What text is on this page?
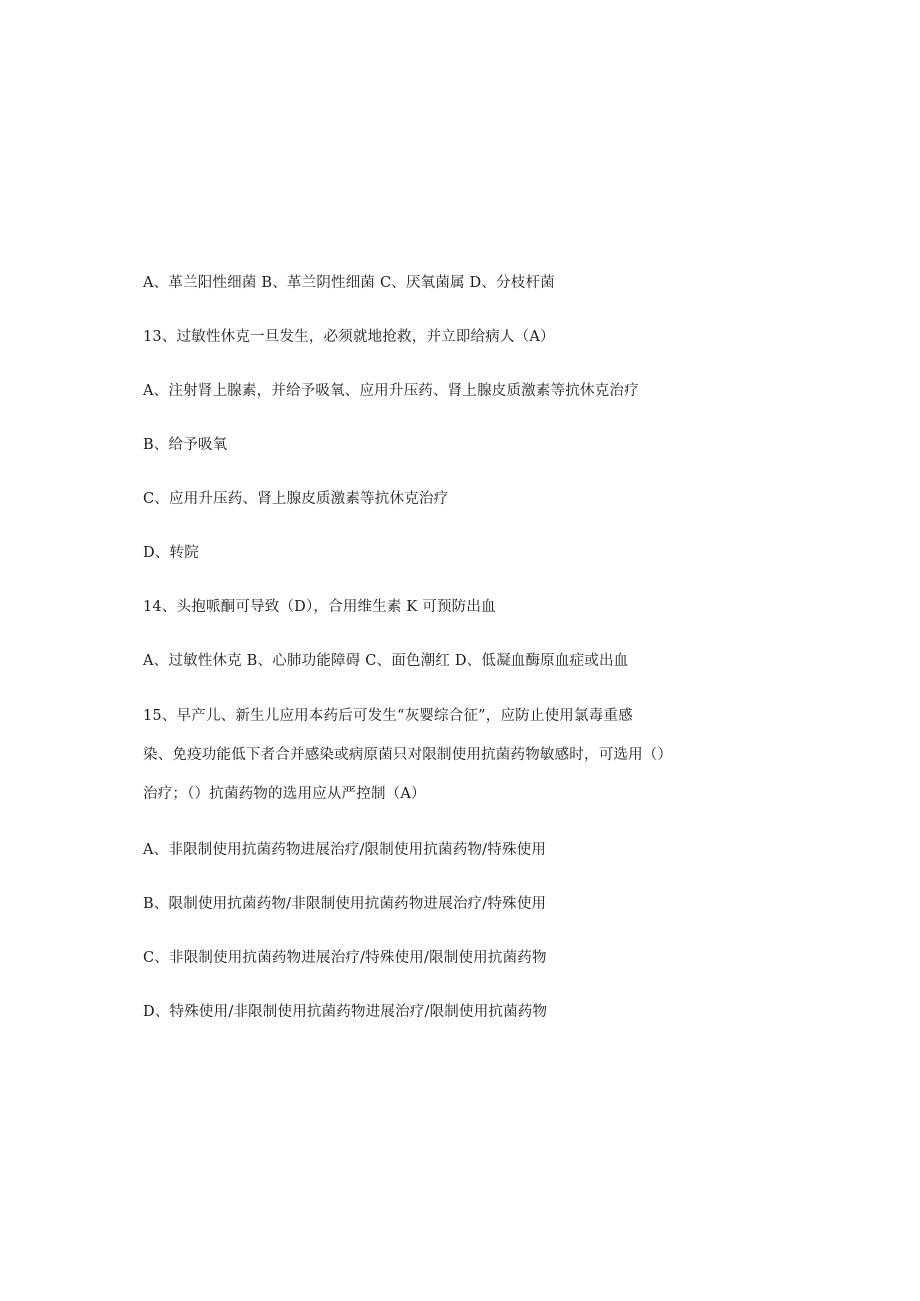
A、革兰阳性细菌 B、革兰阴性细菌 C、厌氧菌属 D、分枝杆菌
13、过敏性休克一旦发生，必须就地抢救，并立即给病人（A）
A、注射肾上腺素，并给予吸氧、应用升压药、肾上腺皮质激素等抗休克治疗
B、给予吸氧
C、应用升压药、肾上腺皮质激素等抗休克治疗
D、转院
14、头抱哌酮可导致（D），合用维生素 K 可预防出血
A、过敏性休克 B、心肺功能障碍 C、面色潮红 D、低凝血酶原血症或出血
15、早产儿、新生儿应用本药后可发生“灰婴综合征”，应防止使用氯毒重感
染、免疫功能低下者合并感染或病原菌只对限制使用抗菌药物敏感时，可选用（）
治疗；（）抗菌药物的选用应从严控制（A）
A、非限制使用抗菌药物进展治疗/限制使用抗菌药物/特殊使用
B、限制使用抗菌药物/非限制使用抗菌药物进展治疗/特殊使用
C、非限制使用抗菌药物进展治疗/特殊使用/限制使用抗菌药物
D、特殊使用/非限制使用抗菌药物进展治疗/限制使用抗菌药物
